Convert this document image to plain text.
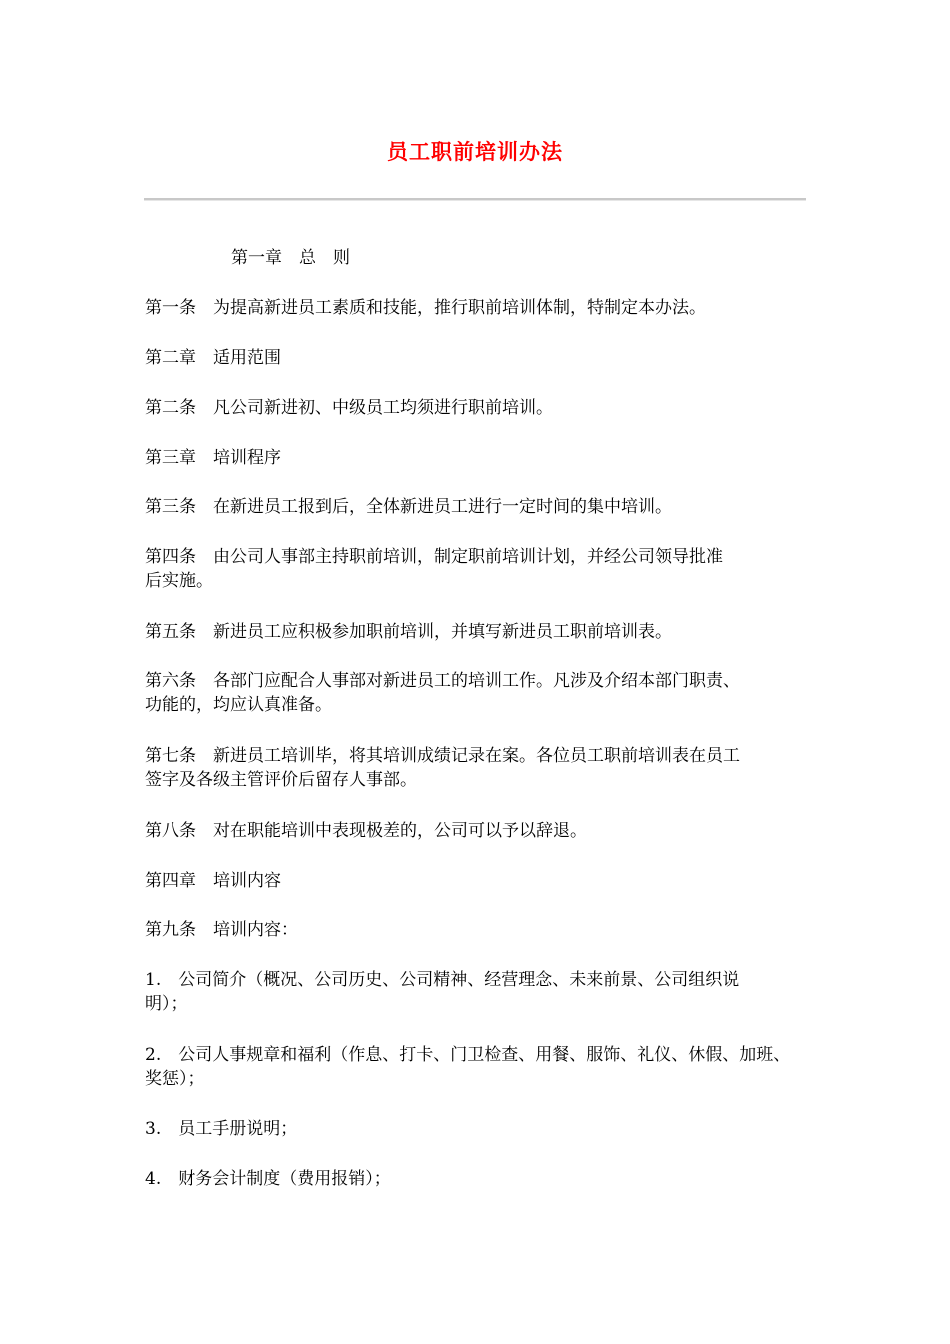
员工职前培训办法
第一章　总　则
第一条　为提高新进员工素质和技能，推行职前培训体制，特制定本办法。
第二章　适用范围
第二条　凡公司新进初、中级员工均须进行职前培训。
第三章　培训程序
第三条　在新进员工报到后，全体新进员工进行一定时间的集中培训。
第四条　由公司人事部主持职前培训，制定职前培训计划，并经公司领导批准
后实施。
第五条　新进员工应积极参加职前培训，并填写新进员工职前培训表。
第六条　各部门应配合人事部对新进员工的培训工作。凡涉及介绍本部门职责、
功能的，均应认真准备。
第七条　新进员工培训毕，将其培训成绩记录在案。各位员工职前培训表在员工
签字及各级主管评价后留存人事部。
第八条　对在职能培训中表现极差的，公司可以予以辞退。
第四章　培训内容
第九条　培训内容：
1.　公司简介（概况、公司历史、公司精神、经营理念、未来前景、公司组织说
明）；
2.　公司人事规章和福利（作息、打卡、门卫检查、用餐、服饰、礼仪、休假、加班、
奖惩）；
3.　员工手册说明；
4.　财务会计制度（费用报销）；
